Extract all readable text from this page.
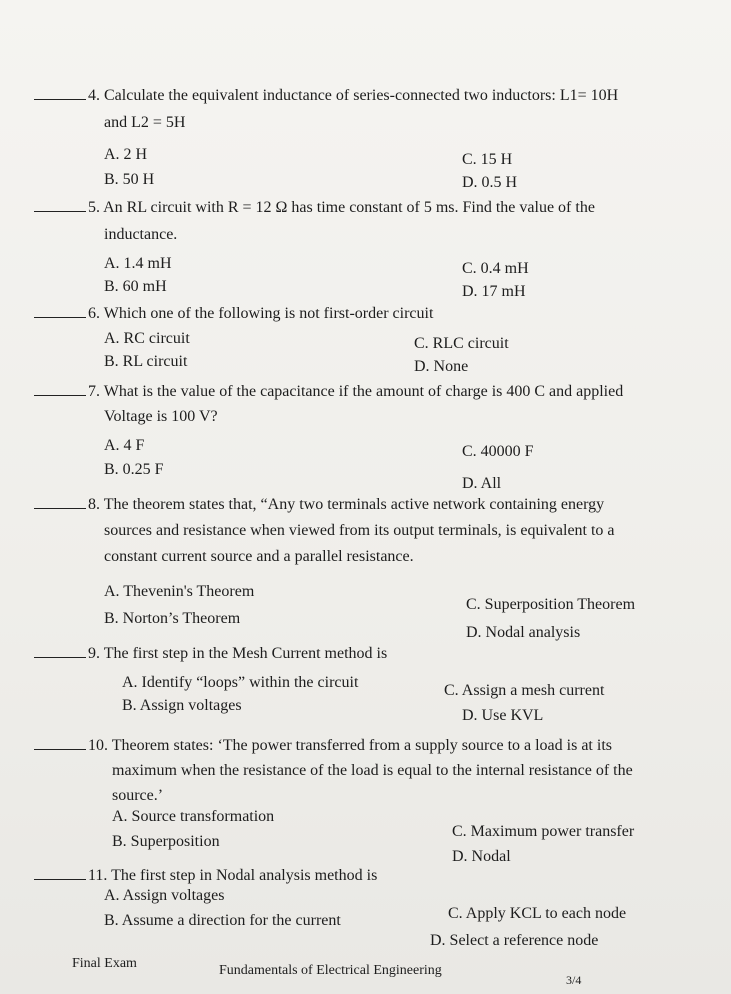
4. Calculate the equivalent inductance of series-connected two inductors: L1= 10H
and L2 = 5H
A. 2 H
B. 50 H
C. 15 H
D. 0.5 H
5. An RL circuit with R = 12 Ω has time constant of 5 ms. Find the value of the
inductance.
A. 1.4 mH
B. 60 mH
C. 0.4 mH
D. 17 mH
6. Which one of the following is not first-order circuit
A. RC circuit
B. RL circuit
C. RLC circuit
D. None
7. What is the value of the capacitance if the amount of charge is 400 C and applied
Voltage is 100 V?
A. 4 F
B. 0.25 F
C. 40000 F
D. All
8. The theorem states that, “Any two terminals active network containing energy
sources and resistance when viewed from its output terminals, is equivalent to a
constant current source and a parallel resistance.
A. Thevenin's Theorem
B. Norton’s Theorem
C. Superposition Theorem
D. Nodal analysis
9. The first step in the Mesh Current method is
A. Identify “loops” within the circuit
B. Assign voltages
C. Assign a mesh current
D. Use KVL
10. Theorem states: ‘The power transferred from a supply source to a load is at its
maximum when the resistance of the load is equal to the internal resistance of the
source.’
A. Source transformation
B. Superposition
C. Maximum power transfer
D. Nodal
11. The first step in Nodal analysis method is
A. Assign voltages
B. Assume a direction for the current	C. Apply KCL to each node
D. Select a reference node
Final Exam	Fundamentals of Electrical Engineering
3/4
